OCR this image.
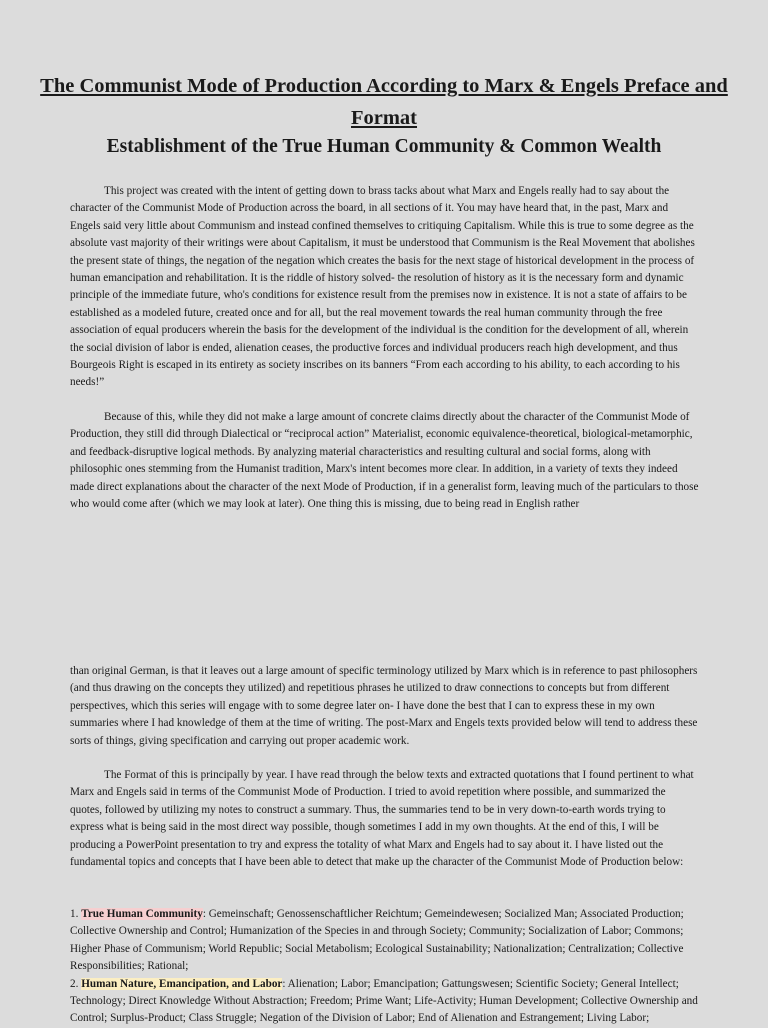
The Communist Mode of Production According to Marx & Engels Preface and Format
Establishment of the True Human Community & Common Wealth

This project was created with the intent of getting down to brass tacks about what Marx and Engels really had to say about the character of the Communist Mode of Production across the board, in all sections of it. You may have heard that, in the past, Marx and Engels said very little about Communism and instead confined themselves to critiquing Capitalism. While this is true to some degree as the absolute vast majority of their writings were about Capitalism, it must be understood that Communism is the Real Movement that abolishes the present state of things, the negation of the negation which creates the basis for the next stage of historical development in the process of human emancipation and rehabilitation. It is the riddle of history solved- the resolution of history as it is the necessary form and dynamic principle of the immediate future, who's conditions for existence result from the premises now in existence. It is not a state of affairs to be established as a modeled future, created once and for all, but the real movement towards the real human community through the free association of equal producers wherein the basis for the development of the individual is the condition for the development of all, wherein the social division of labor is ended, alienation ceases, the productive forces and individual producers reach high development, and thus Bourgeois Right is escaped in its entirety as society inscribes on its banners “From each according to his ability, to each according to his needs!”

Because of this, while they did not make a large amount of concrete claims directly about the character of the Communist Mode of Production, they still did through Dialectical or “reciprocal action” Materialist, economic equivalence-theoretical, biological-metamorphic, and feedback-disruptive logical methods. By analyzing material characteristics and resulting cultural and social forms, along with philosophic ones stemming from the Humanist tradition, Marx's intent becomes more clear. In addition, in a variety of texts they indeed made direct explanations about the character of the next Mode of Production, if in a generalist form, leaving much of the particulars to those who would come after (which we may look at later). One thing this is missing, due to being read in English rather

than original German, is that it leaves out a large amount of specific terminology utilized by Marx which is in reference to past philosophers (and thus drawing on the concepts they utilized) and repetitious phrases he utilized to draw connections to concepts but from different perspectives, which this series will engage with to some degree later on- I have done the best that I can to express these in my own summaries where I had knowledge of them at the time of writing. The post-Marx and Engels texts provided below will tend to address these sorts of things, giving specification and carrying out proper academic work.

The Format of this is principally by year. I have read through the below texts and extracted quotations that I found pertinent to what Marx and Engels said in terms of the Communist Mode of Production. I tried to avoid repetition where possible, and summarized the quotes, followed by utilizing my notes to construct a summary. Thus, the summaries tend to be in very down-to-earth words trying to express what is being said in the most direct way possible, though sometimes I add in my own thoughts. At the end of this, I will be producing a PowerPoint presentation to try and express the totality of what Marx and Engels had to say about it. I have listed out the fundamental topics and concepts that I have been able to detect that make up the character of the Communist Mode of Production below:

1. True Human Community: Gemeinschaft; Genossenschaftlicher Reichtum; Gemeindewesen; Socialized Man; Associated Production; Collective Ownership and Control; Humanization of the Species in and through Society; Community; Socialization of Labor; Commons; Higher Phase of Communism; World Republic; Social Metabolism; Ecological Sustainability; Nationalization; Centralization; Collective Responsibilities; Rational;

2. Human Nature, Emancipation, and Labor: Alienation; Labor; Emancipation; Gattungswesen; Scientific Society; General Intellect; Technology; Direct Knowledge Without Abstraction; Freedom; Prime Want; Life-Activity; Human Development; Collective Ownership and Control; Surplus-Product; Class Struggle; Negation of the Division of Labor; End of Alienation and Estrangement; Living Labor;
